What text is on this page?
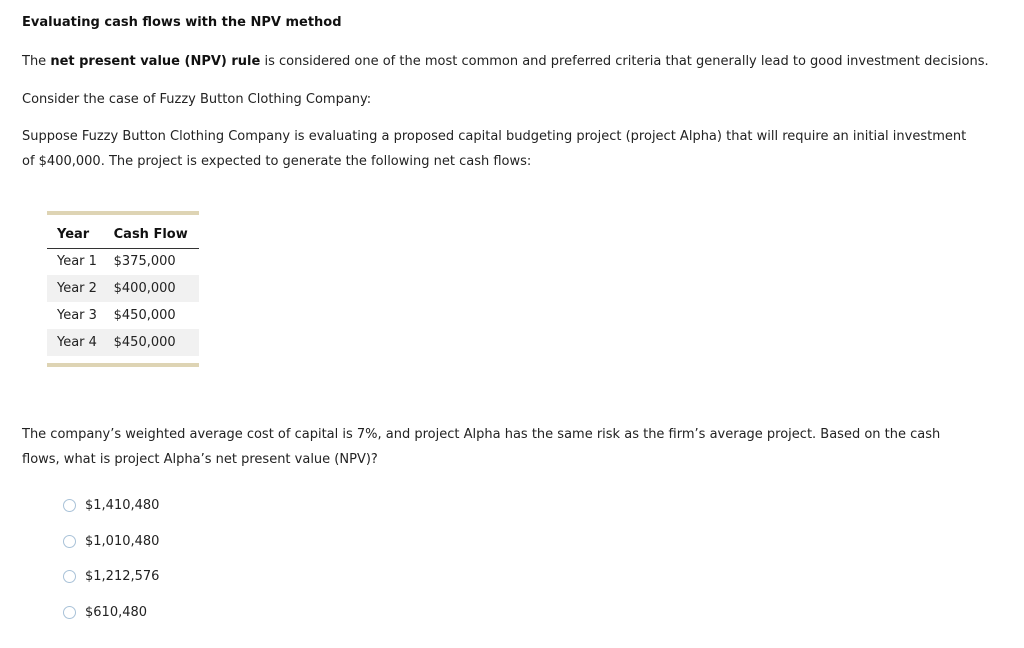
Evaluating cash flows with the NPV method

The net present value (NPV) rule is considered one of the most common and preferred criteria that generally lead to good investment decisions.

Consider the case of Fuzzy Button Clothing Company:

Suppose Fuzzy Button Clothing Company is evaluating a proposed capital budgeting project (project Alpha) that will require an initial investment of $400,000. The project is expected to generate the following net cash flows:

Year	Cash Flow
Year 1	$375,000
Year 2	$400,000
Year 3	$450,000
Year 4	$450,000

The company’s weighted average cost of capital is 7%, and project Alpha has the same risk as the firm’s average project. Based on the cash flows, what is project Alpha’s net present value (NPV)?

$1,410,480
$1,010,480
$1,212,576
$610,480
